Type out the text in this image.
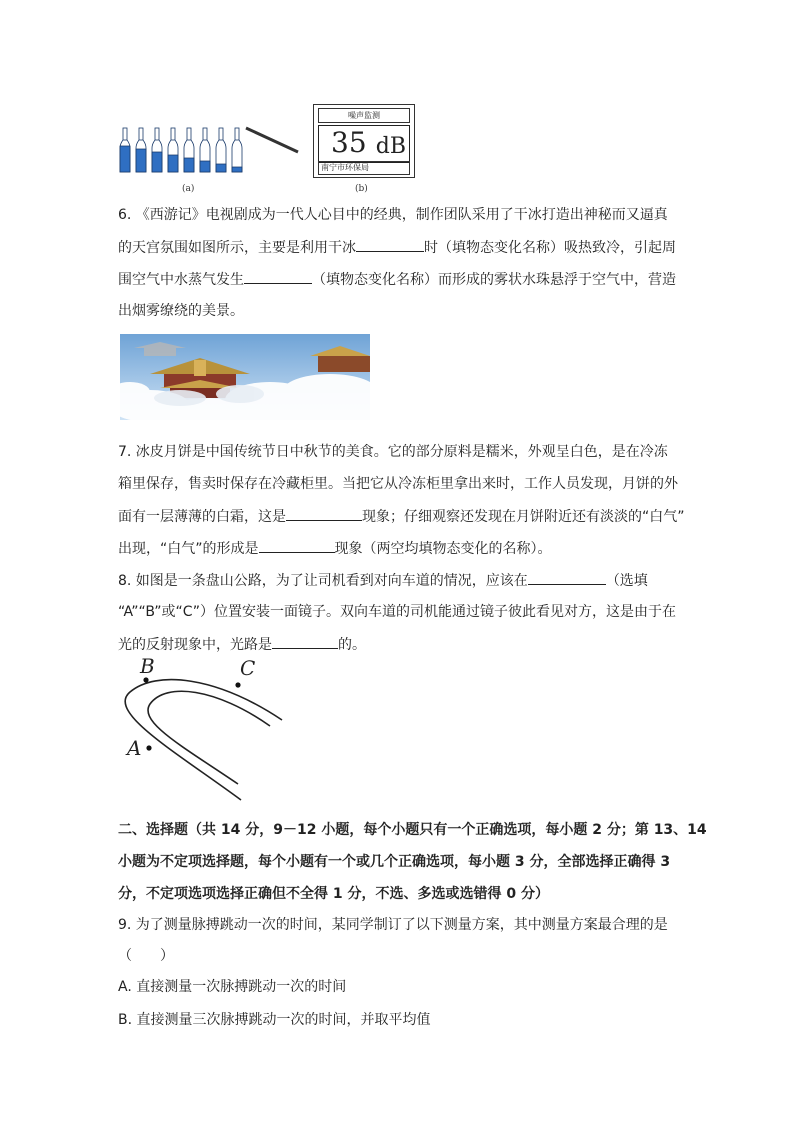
(a)
噪声监测
35 dB
南宁市环保局
(b)
6. 《西游记》电视剧成为一代人心目中的经典，制作团队采用了干冰打造出神秘而又逼真
的天宫氛围如图所示，主要是利用干冰	时（填物态变化名称）吸热致冷，引起周
围空气中水蒸气发生	（填物态变化名称）而形成的雾状水珠悬浮于空气中，营造
出烟雾缭绕的美景。
7. 冰皮月饼是中国传统节日中秋节的美食。它的部分原料是糯米，外观呈白色，是在冷冻
箱里保存，售卖时保存在冷藏柜里。当把它从冷冻柜里拿出来时，工作人员发现，月饼的外
面有一层薄薄的白霜，这是	现象；仔细观察还发现在月饼附近还有淡淡的“白气”
出现，“白气”的形成是	现象（两空均填物态变化的名称）。
8. 如图是一条盘山公路，为了让司机看到对向车道的情况，应该在	（选填
“A”“B”或“C”）位置安装一面镜子。双向车道的司机能通过镜子彼此看见对方，这是由于在
光的反射现象中，光路是	的。
A
B	C
二、选择题（共 14 分，9－12 小题，每个小题只有一个正确选项，每小题 2 分；第 13、14
小题为不定项选择题，每个小题有一个或几个正确选项，每小题 3 分，全部选择正确得 3
分，不定项选项选择正确但不全得 1 分，不选、多选或选错得 0 分）
9. 为了测量脉搏跳动一次的时间，某同学制订了以下测量方案，其中测量方案最合理的是
（　　）
A. 直接测量一次脉搏跳动一次的时间
B. 直接测量三次脉搏跳动一次的时间，并取平均值
